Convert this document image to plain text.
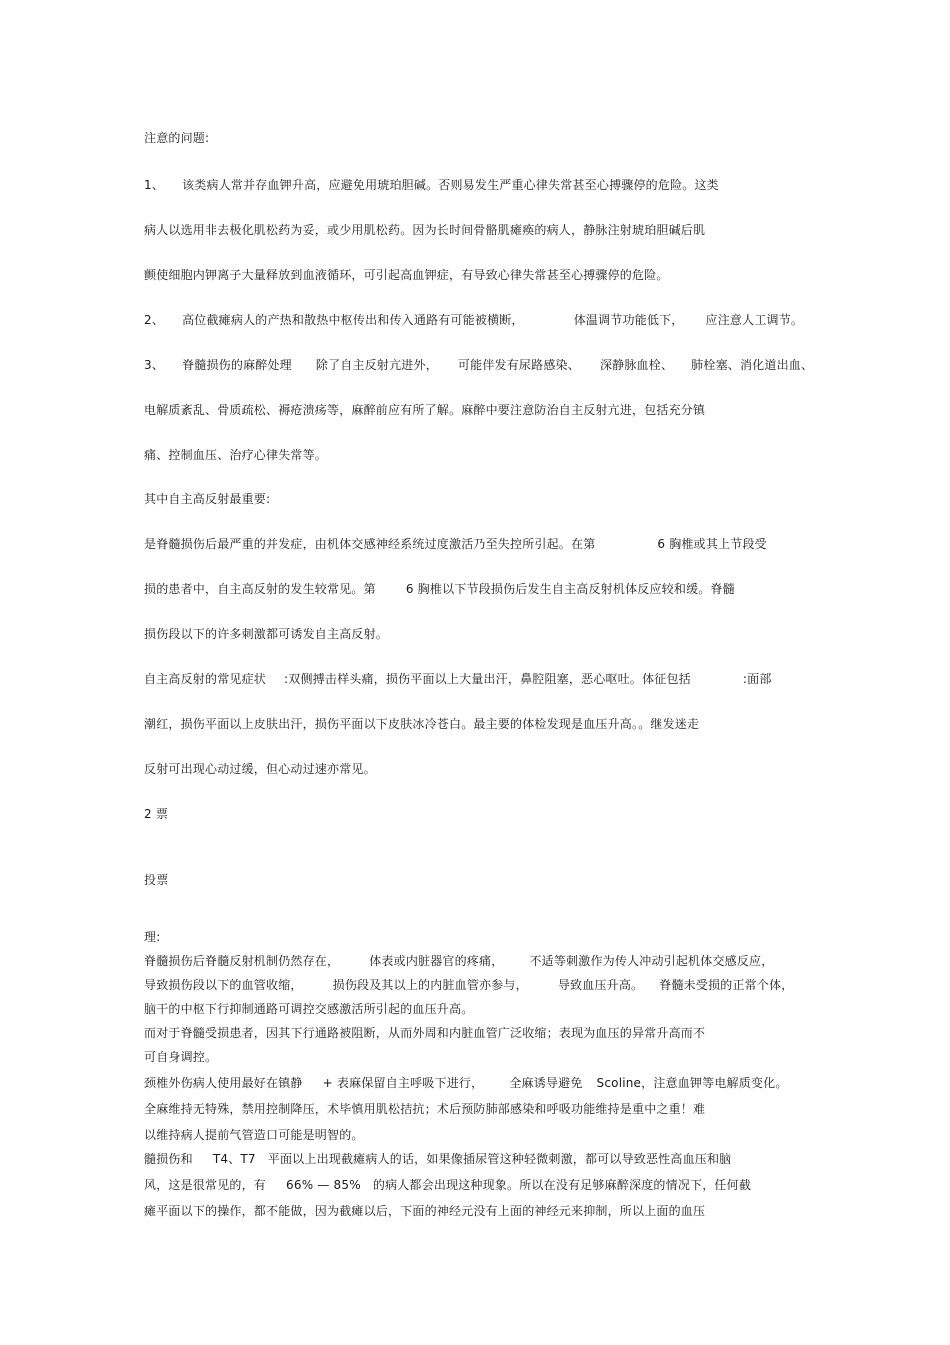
注意的问题:
1、 该类病人常并存血钾升高，应避免用琥珀胆碱。否则易发生严重心律失常甚至心搏骤停的危险。这类
病人以选用非去极化肌松药为妥，或少用肌松药。因为长时间骨骼肌瘫痪的病人，静脉注射琥珀胆碱后肌
颤使细胞内钾离子大量释放到血液循环，可引起高血钾症，有导致心律失常甚至心搏骤停的危险。
2、 高位截瘫病人的产热和散热中枢传出和传入通路有可能被横断，	体温调节功能低下， 应注意人工调节。
3、 脊髓损伤的麻醉处理 除了自主反射亢进外， 可能伴发有尿路感染、 深静脉血栓、 肺栓塞、消化道出血、
电解质紊乱、骨质疏松、褥疮溃疡等，麻醉前应有所了解。麻醉中要注意防治自主反射亢进，包括充分镇
痛、控制血压、治疗心律失常等。
其中自主高反射最重要:
是脊髓损伤后最严重的并发症，由机体交感神经系统过度激活乃至失控所引起。在第	6 胸椎或其上节段受
损的患者中，自主高反射的发生较常见。第	6 胸椎以下节段损伤后发生自主高反射机体反应较和缓。脊髓
损伤段以下的许多刺激都可诱发自主高反射。
自主高反射的常见症状 :双侧搏击样头痛，损伤平面以上大量出汗，鼻腔阻塞，恶心呕吐。体征包括	:面部
潮红，损伤平面以上皮肤出汗，损伤平面以下皮肤冰冷苍白。最主要的体检发现是血压升高。。继发迷走
反射可出现心动过缓，但心动过速亦常见。
2 票
投票
理:
脊髓损伤后脊髓反射机制仍然存在，	体表或内脏器官的疼痛， 不适等刺激作为传人冲动引起机体交感反应，
导致损伤段以下的血管收缩，	损伤段及其以上的内脏血管亦参与，	导致血压升高。 脊髓未受损的正常个体，
脑干的中枢下行抑制通路可调控交感激活所引起的血压升高。
而对于脊髓受损患者，因其下行通路被阻断，从而外周和内脏血管广泛收缩；表现为血压的异常升高而不
可自身调控。
颈椎外伤病人使用最好在镇静 + 表麻保留自主呼吸下进行， 全麻诱导避免 Scoline，注意血钾等电解质变化。
全麻维持无特殊，禁用控制降压，术毕慎用肌松拮抗；术后预防肺部感染和呼吸功能维持是重中之重！难
以维持病人提前气管造口可能是明智的。
髓损伤和 T4、T7 平面以上出现截瘫病人的话，如果像插尿管这种轻微刺激，都可以导致恶性高血压和脑
风，这是很常见的，有 66% — 85% 的病人都会出现这种现象。所以在没有足够麻醉深度的情况下，任何截
瘫平面以下的操作，都不能做，因为截瘫以后，下面的神经元没有上面的神经元来抑制，所以上面的血压
